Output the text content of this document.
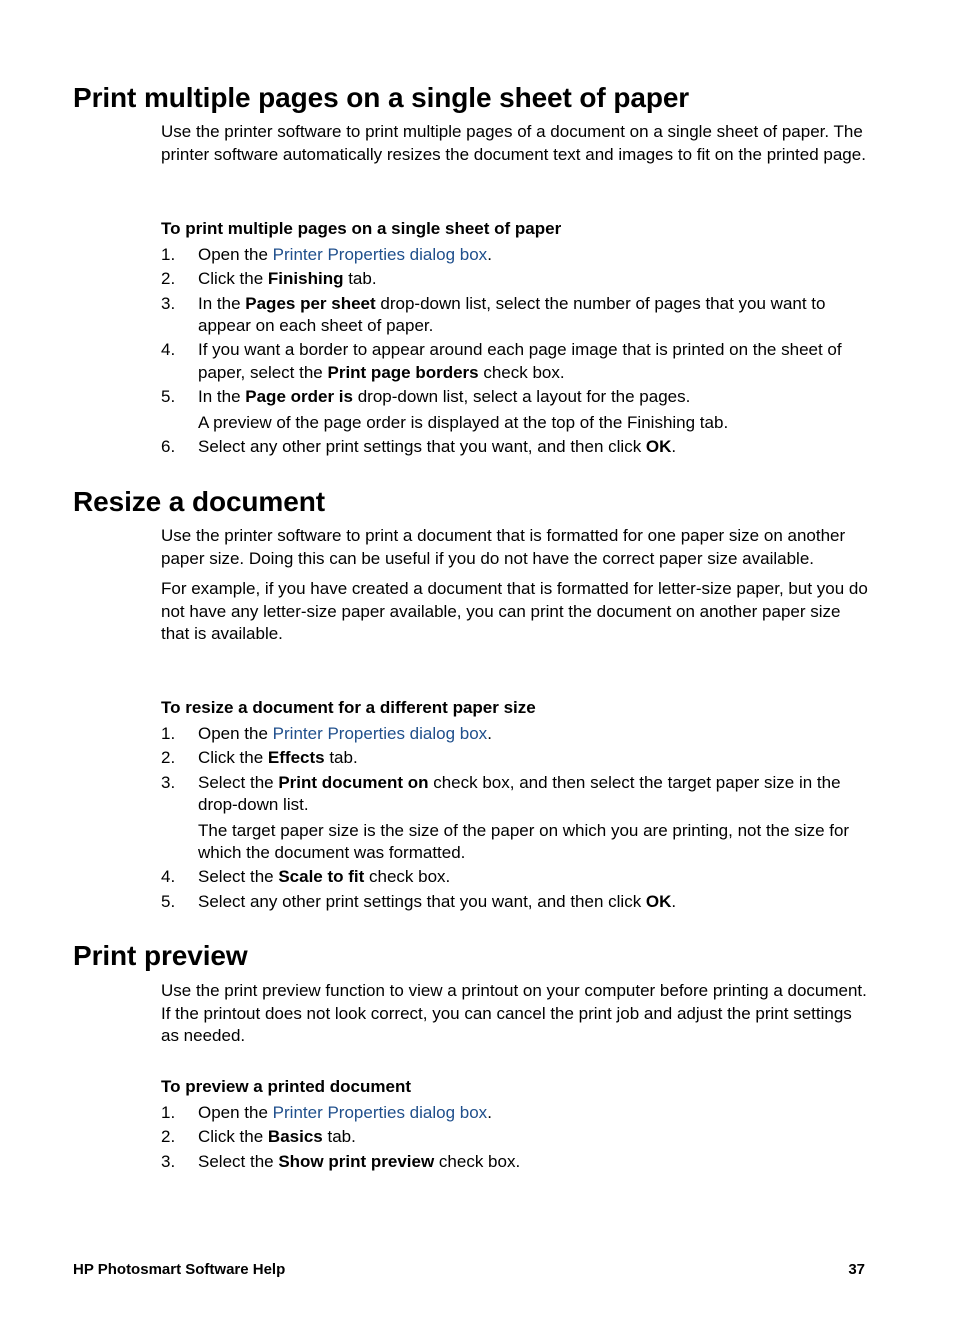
Print multiple pages on a single sheet of paper

Use the printer software to print multiple pages of a document on a single sheet of paper. The printer software automatically resizes the document text and images to fit on the printed page.

To print multiple pages on a single sheet of paper
1. Open the Printer Properties dialog box.
2. Click the Finishing tab.
3. In the Pages per sheet drop-down list, select the number of pages that you want to appear on each sheet of paper.
4. If you want a border to appear around each page image that is printed on the sheet of paper, select the Print page borders check box.
5. In the Page order is drop-down list, select a layout for the pages.
A preview of the page order is displayed at the top of the Finishing tab.
6. Select any other print settings that you want, and then click OK.
Resize a document

Use the printer software to print a document that is formatted for one paper size on another paper size. Doing this can be useful if you do not have the correct paper size available.

For example, if you have created a document that is formatted for letter-size paper, but you do not have any letter-size paper available, you can print the document on another paper size that is available.

To resize a document for a different paper size
1. Open the Printer Properties dialog box.
2. Click the Effects tab.
3. Select the Print document on check box, and then select the target paper size in the drop-down list.
The target paper size is the size of the paper on which you are printing, not the size for which the document was formatted.
4. Select the Scale to fit check box.
5. Select any other print settings that you want, and then click OK.
Print preview

Use the print preview function to view a printout on your computer before printing a document. If the printout does not look correct, you can cancel the print job and adjust the print settings as needed.

To preview a printed document
1. Open the Printer Properties dialog box.
2. Click the Basics tab.
3. Select the Show print preview check box.
HP Photosmart Software Help	37
